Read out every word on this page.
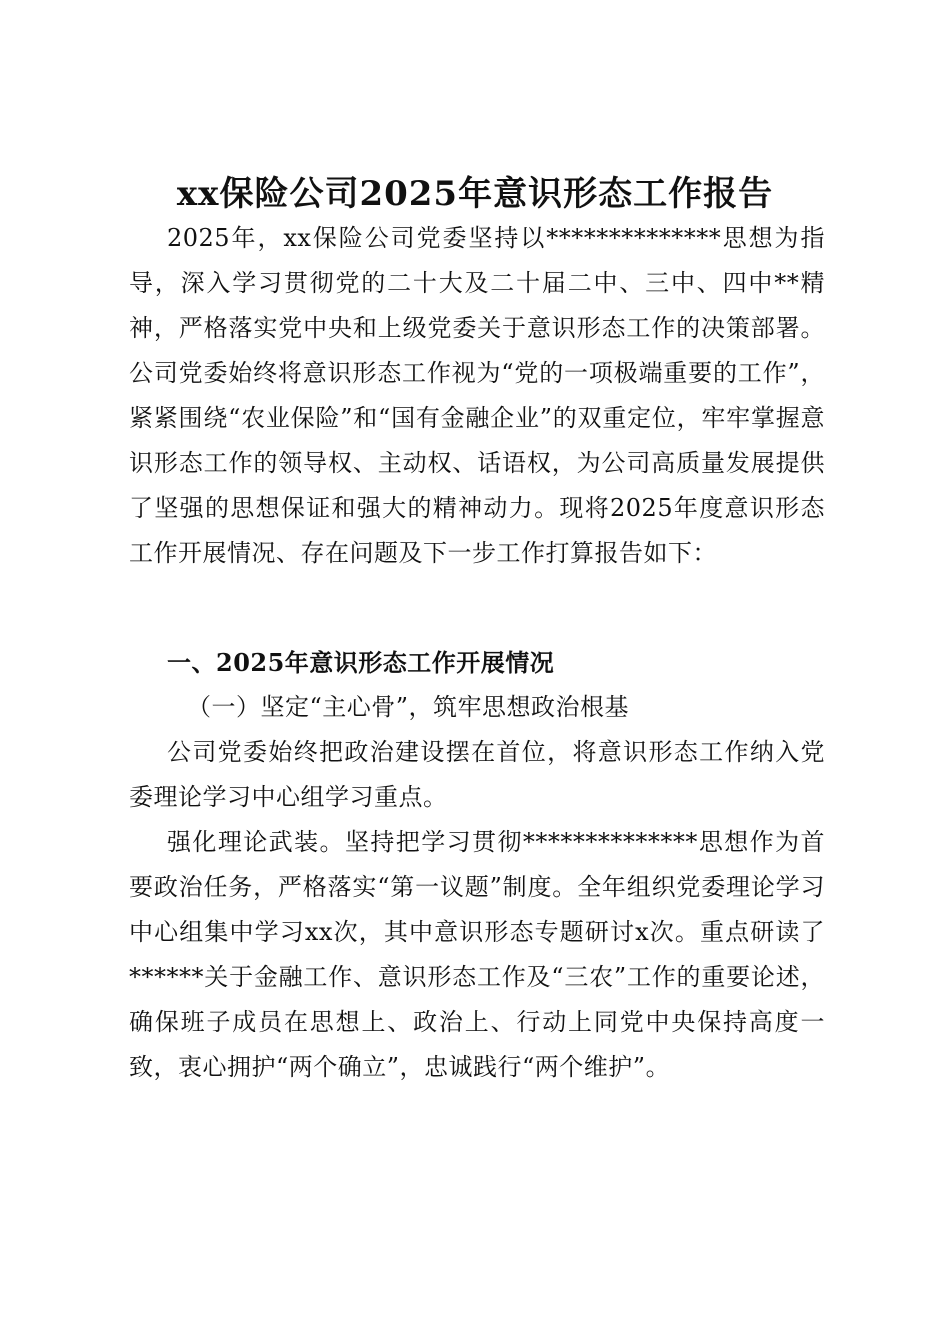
xx保险公司2025年意识形态工作报告

2025年，xx保险公司党委坚持以**************思想为指导，深入学习贯彻党的二十大及二十届二中、三中、四中**精神，严格落实党中央和上级党委关于意识形态工作的决策部署。公司党委始终将意识形态工作视为“党的一项极端重要的工作”，紧紧围绕“农业保险”和“国有金融企业”的双重定位，牢牢掌握意识形态工作的领导权、主动权、话语权，为公司高质量发展提供了坚强的思想保证和强大的精神动力。现将2025年度意识形态工作开展情况、存在问题及下一步工作打算报告如下：

一、2025年意识形态工作开展情况

（一）坚定“主心骨”，筑牢思想政治根基

公司党委始终把政治建设摆在首位，将意识形态工作纳入党委理论学习中心组学习重点。

强化理论武装。坚持把学习贯彻**************思想作为首要政治任务，严格落实“第一议题”制度。全年组织党委理论学习中心组集中学习xx次，其中意识形态专题研讨x次。重点研读了******关于金融工作、意识形态工作及“三农”工作的重要论述，确保班子成员在思想上、政治上、行动上同党中央保持高度一致，衷心拥护“两个确立”，忠诚践行“两个维护”。
